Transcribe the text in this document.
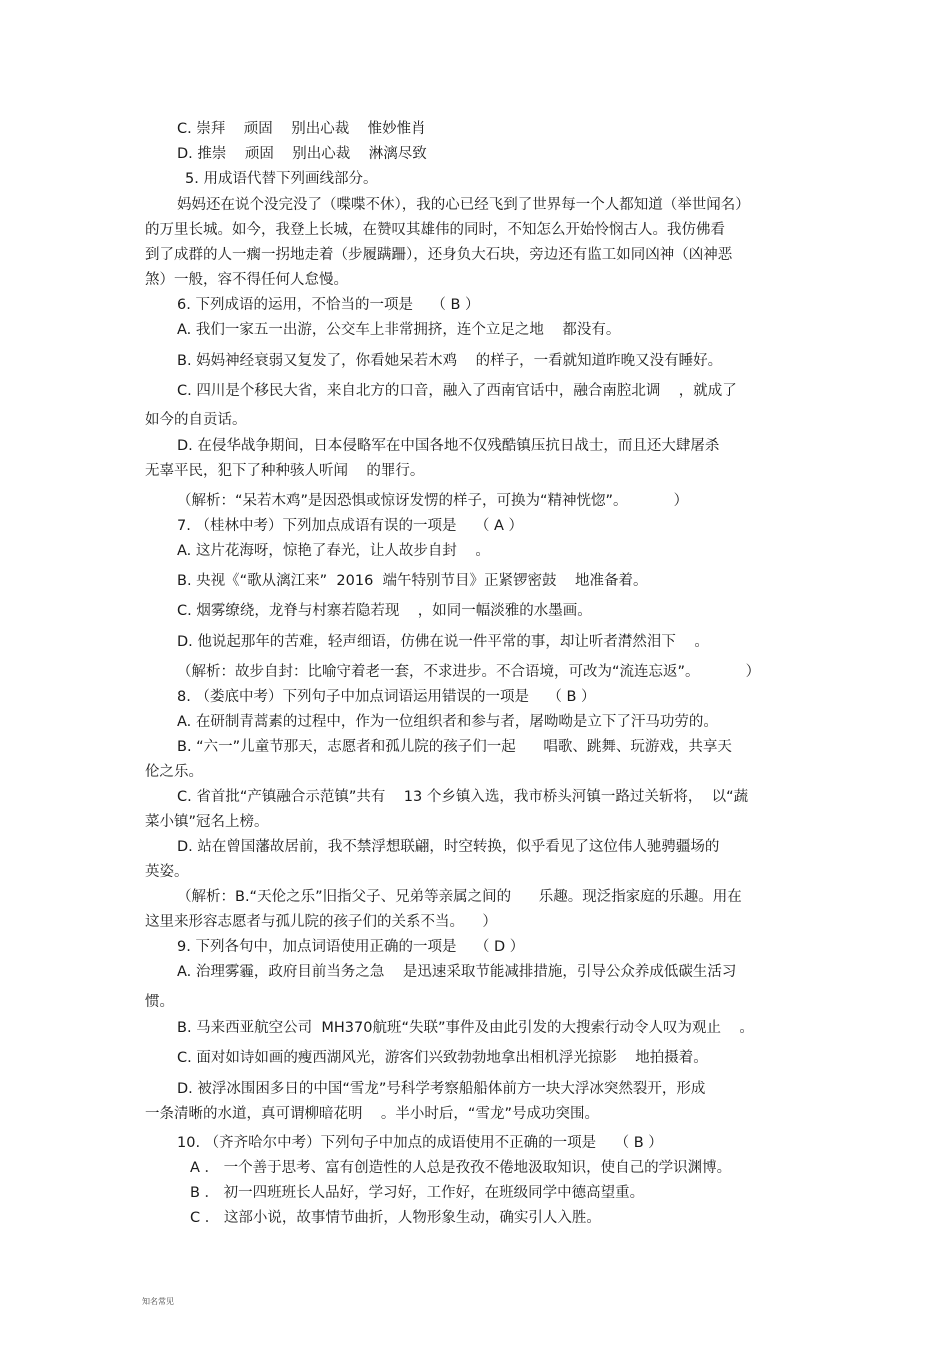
C. 崇拜    顽固    别出心裁    惟妙惟肖
D. 推崇    顽固    别出心裁    淋漓尽致
5. 用成语代替下列画线部分。
妈妈还在说个没完没了（喋喋不休），我的心已经飞到了世界每一个人都知道（举世闻名）
的万里长城。如今，我登上长城，在赞叹其雄伟的同时，不知怎么开始怜悯古人。我仿佛看
到了成群的人一瘸一拐地走着（步履蹒跚），还身负大石块，旁边还有监工如同凶神（凶神恶
煞）一般，容不得任何人怠慢。
6. 下列成语的运用，不恰当的一项是    （ B ）
A. 我们一家五一出游，公交车上非常拥挤，连个立足之地    都没有。
B. 妈妈神经衰弱又复发了，你看她呆若木鸡    的样子，一看就知道昨晚又没有睡好。
C. 四川是个移民大省，来自北方的口音，融入了西南官话中，融合南腔北调    ，就成了
如今的自贡话。
D. 在侵华战争期间，日本侵略军在中国各地不仅残酷镇压抗日战士，而且还大肆屠杀
无辜平民，犯下了种种骇人听闻    的罪行。
（解析：“呆若木鸡”是因恐惧或惊讶发愣的样子，可换为“精神恍惚”。          ）
7. （桂林中考）下列加点成语有误的一项是    （ A ）
A. 这片花海呀，惊艳了春光，让人故步自封    。
B. 央视《“歌从漓江来”  2016  端午特别节目》正紧锣密鼓    地准备着。
C. 烟雾缭绕，龙脊与村寨若隐若现    ，如同一幅淡雅的水墨画。
D. 他说起那年的苦难，轻声细语，仿佛在说一件平常的事，却让听者潸然泪下    。
（解析：故步自封：比喻守着老一套，不求进步。不合语境，可改为“流连忘返”。          ）
8. （娄底中考）下列句子中加点词语运用错误的一项是    （ B ）
A. 在研制青蒿素的过程中，作为一位组织者和参与者，屠呦呦是立下了汗马功劳的。
B. “六一”儿童节那天，志愿者和孤儿院的孩子们一起      唱歌、跳舞、玩游戏，共享天
伦之乐。
C. 省首批“产镇融合示范镇”共有    13 个乡镇入选，我市桥头河镇一路过关斩将，  以“蔬
菜小镇”冠名上榜。
D. 站在曾国藩故居前，我不禁浮想联翩，时空转换，似乎看见了这位伟人驰骋疆场的
英姿。
（解析：B.“天伦之乐”旧指父子、兄弟等亲属之间的      乐趣。现泛指家庭的乐趣。用在
这里来形容志愿者与孤儿院的孩子们的关系不当。    ）
9. 下列各句中，加点词语使用正确的一项是    （ D ）
A. 治理雾霾，政府目前当务之急    是迅速采取节能减排措施，引导公众养成低碳生活习
惯。
B. 马来西亚航空公司  MH370航班“失联”事件及由此引发的大搜索行动令人叹为观止    。
C. 面对如诗如画的瘦西湖风光，游客们兴致勃勃地拿出相机浮光掠影    地拍摄着。
D. 被浮冰围困多日的中国“雪龙”号科学考察船船体前方一块大浮冰突然裂开，形成
一条清晰的水道，真可谓柳暗花明    。半小时后，“雪龙”号成功突围。
10. （齐齐哈尔中考）下列句子中加点的成语使用不正确的一项是    （ B ）
A ． 一个善于思考、富有创造性的人总是孜孜不倦地汲取知识，使自己的学识渊博。
B ． 初一四班班长人品好，学习好，工作好，在班级同学中德高望重。
C ． 这部小说，故事情节曲折，人物形象生动，确实引人入胜。
知名常见
